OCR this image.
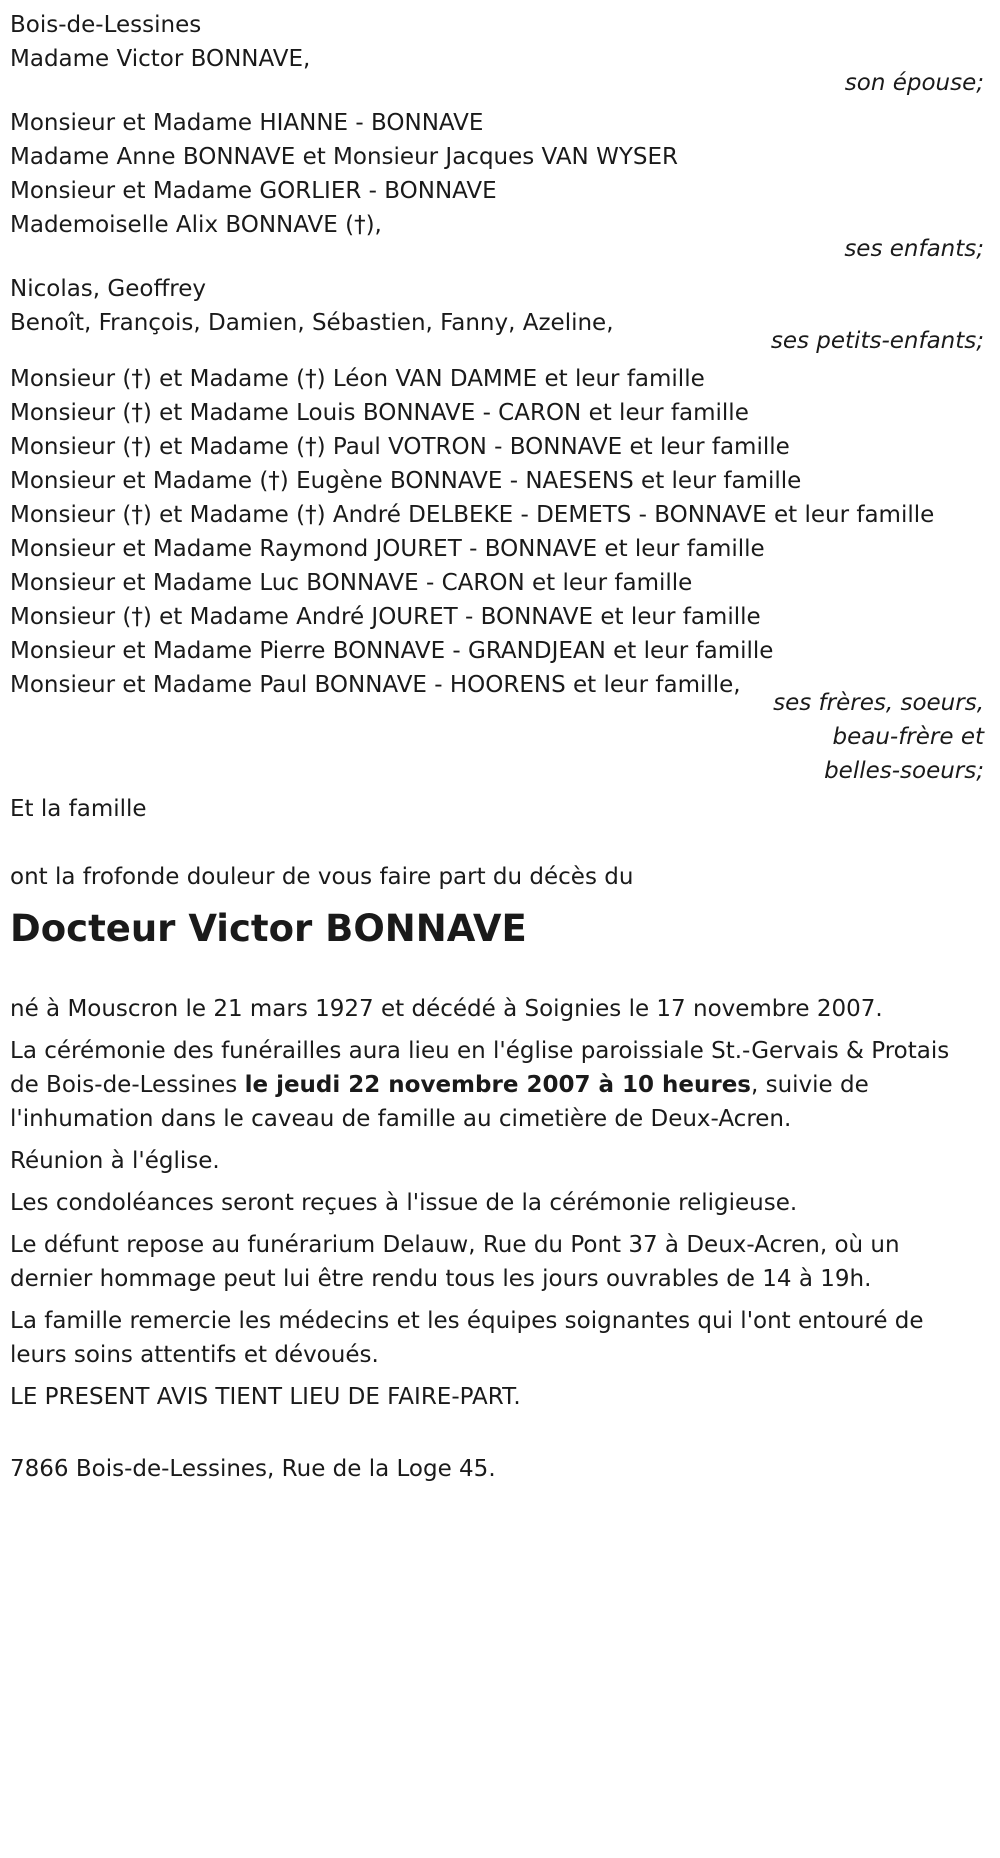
Bois-de-Lessines
Madame Victor BONNAVE,
son épouse;
Monsieur et Madame HIANNE - BONNAVE
Madame Anne BONNAVE et Monsieur Jacques VAN WYSER
Monsieur et Madame GORLIER - BONNAVE
Mademoiselle Alix BONNAVE (†),
ses enfants;
Nicolas, Geoffrey
Benoît, François, Damien, Sébastien, Fanny, Azeline,
ses petits-enfants;
Monsieur (†) et Madame (†) Léon VAN DAMME et leur famille
Monsieur (†) et Madame Louis BONNAVE - CARON et leur famille
Monsieur (†) et Madame (†) Paul VOTRON - BONNAVE et leur famille
Monsieur et Madame (†) Eugène BONNAVE - NAESENS et leur famille
Monsieur (†) et Madame (†) André DELBEKE - DEMETS - BONNAVE et leur famille
Monsieur et Madame Raymond JOURET - BONNAVE et leur famille
Monsieur et Madame Luc BONNAVE - CARON et leur famille
Monsieur (†) et Madame André JOURET - BONNAVE et leur famille
Monsieur et Madame Pierre BONNAVE - GRANDJEAN et leur famille
Monsieur et Madame Paul BONNAVE - HOORENS et leur famille,
ses frères, soeurs,
beau-frère et
belles-soeurs;
Et la famille
ont la frofonde douleur de vous faire part du décès du
Docteur Victor BONNAVE
né à Mouscron le 21 mars 1927 et décédé à Soignies le 17 novembre 2007.
La cérémonie des funérailles aura lieu en l'église paroissiale St.-Gervais & Protais de Bois-de-Lessines le jeudi 22 novembre 2007 à 10 heures, suivie de l'inhumation dans le caveau de famille au cimetière de Deux-Acren.
Réunion à l'église.
Les condoléances seront reçues à l'issue de la cérémonie religieuse.
Le défunt repose au funérarium Delauw, Rue du Pont 37 à Deux-Acren, où un dernier hommage peut lui être rendu tous les jours ouvrables de 14 à 19h.
La famille remercie les médecins et les équipes soignantes qui l'ont entouré de leurs soins attentifs et dévoués.
LE PRESENT AVIS TIENT LIEU DE FAIRE-PART.
7866 Bois-de-Lessines, Rue de la Loge 45.
